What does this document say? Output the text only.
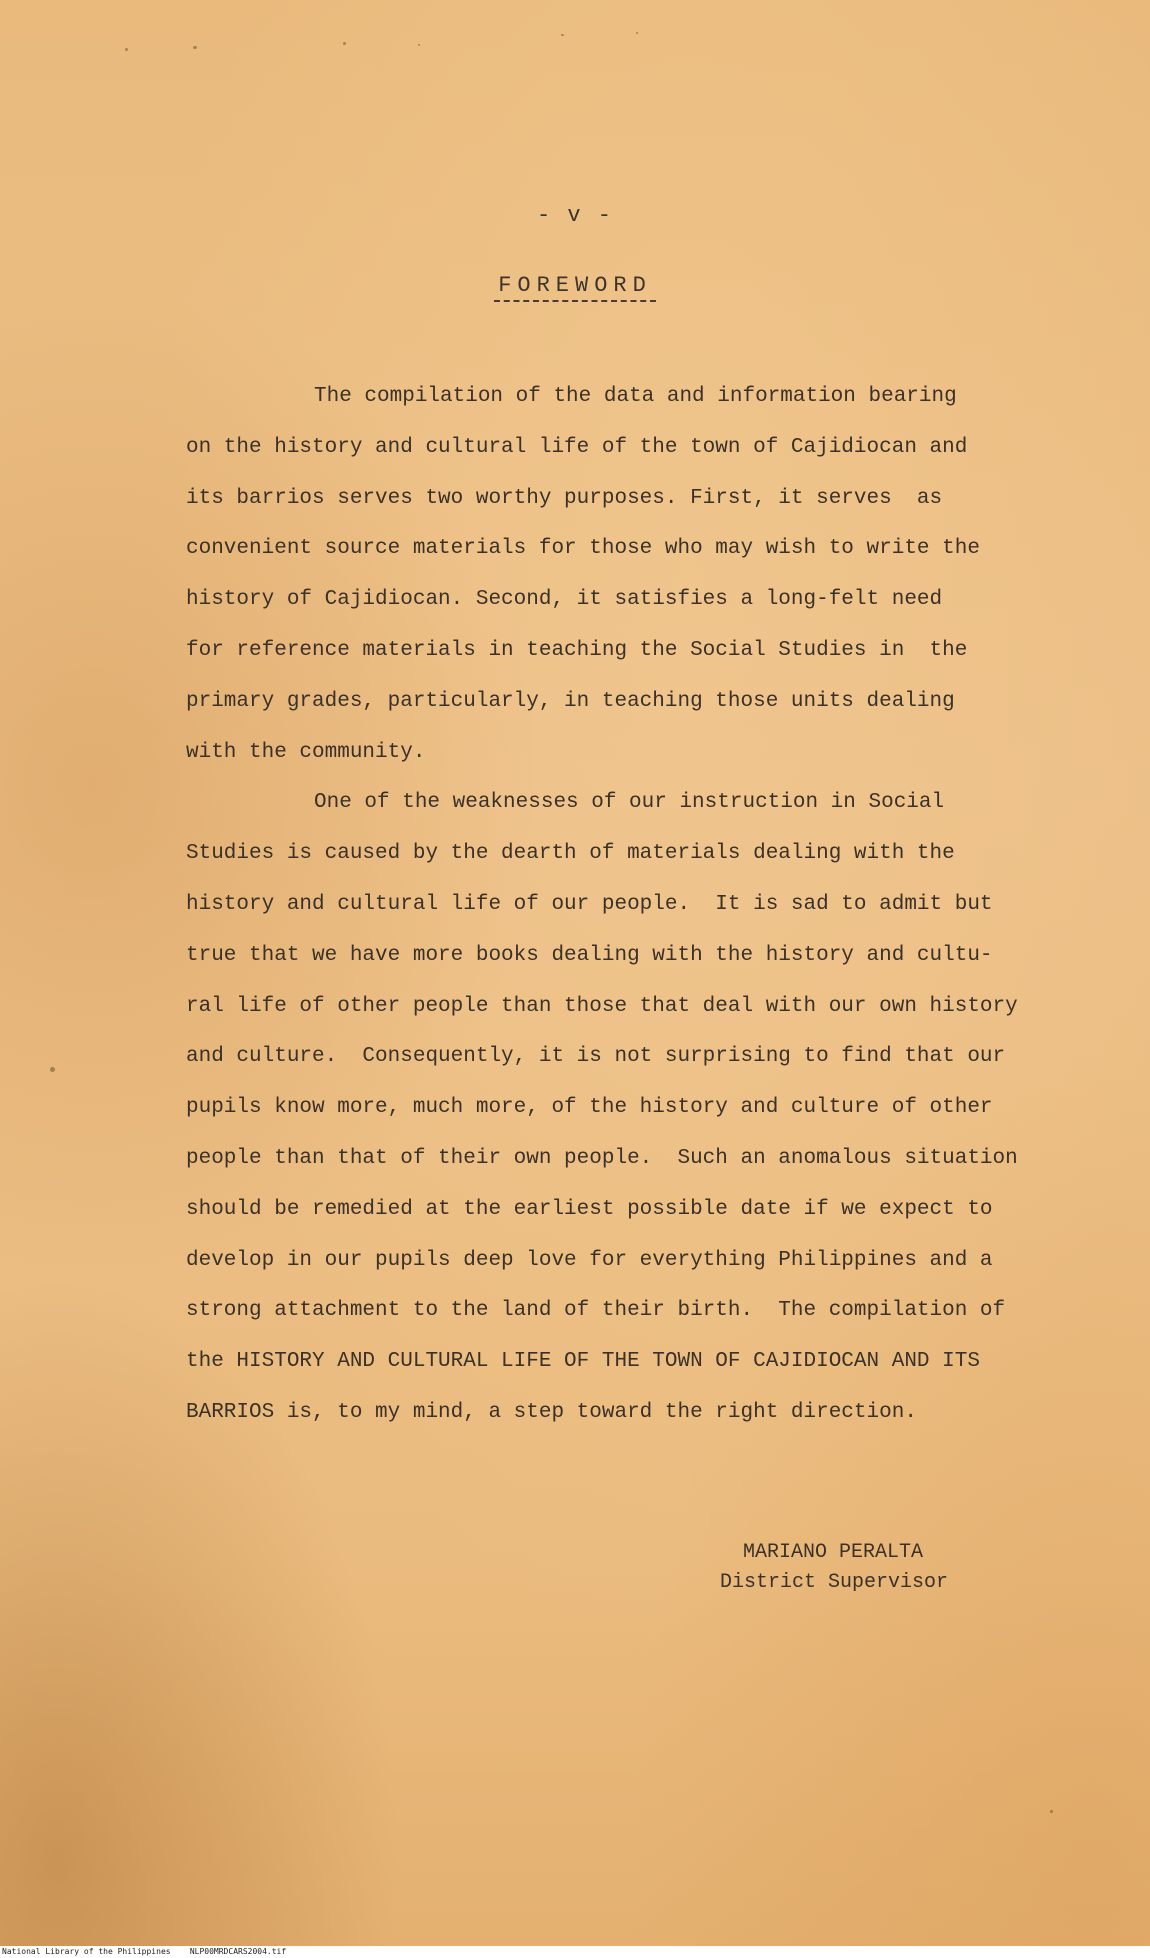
- v -
FOREWORD
The compilation of the data and information bearing
on the history and cultural life of the town of Cajidiocan and
its barrios serves two worthy purposes. First, it serves  as
convenient source materials for those who may wish to write the
history of Cajidiocan. Second, it satisfies a long-felt need
for reference materials in teaching the Social Studies in  the
primary grades, particularly, in teaching those units dealing
with the community.
One of the weaknesses of our instruction in Social
Studies is caused by the dearth of materials dealing with the
history and cultural life of our people.  It is sad to admit but
true that we have more books dealing with the history and cultu-
ral life of other people than those that deal with our own history
and culture.  Consequently, it is not surprising to find that our
pupils know more, much more, of the history and culture of other
people than that of their own people.  Such an anomalous situation
should be remedied at the earliest possible date if we expect to
develop in our pupils deep love for everything Philippines and a
strong attachment to the land of their birth.  The compilation of
the HISTORY AND CULTURAL LIFE OF THE TOWN OF CAJIDIOCAN AND ITS
BARRIOS is, to my mind, a step toward the right direction.
MARIANO PERALTA
District Supervisor
National Library of the Philippines    NLP00MRDCARS2004.tif
